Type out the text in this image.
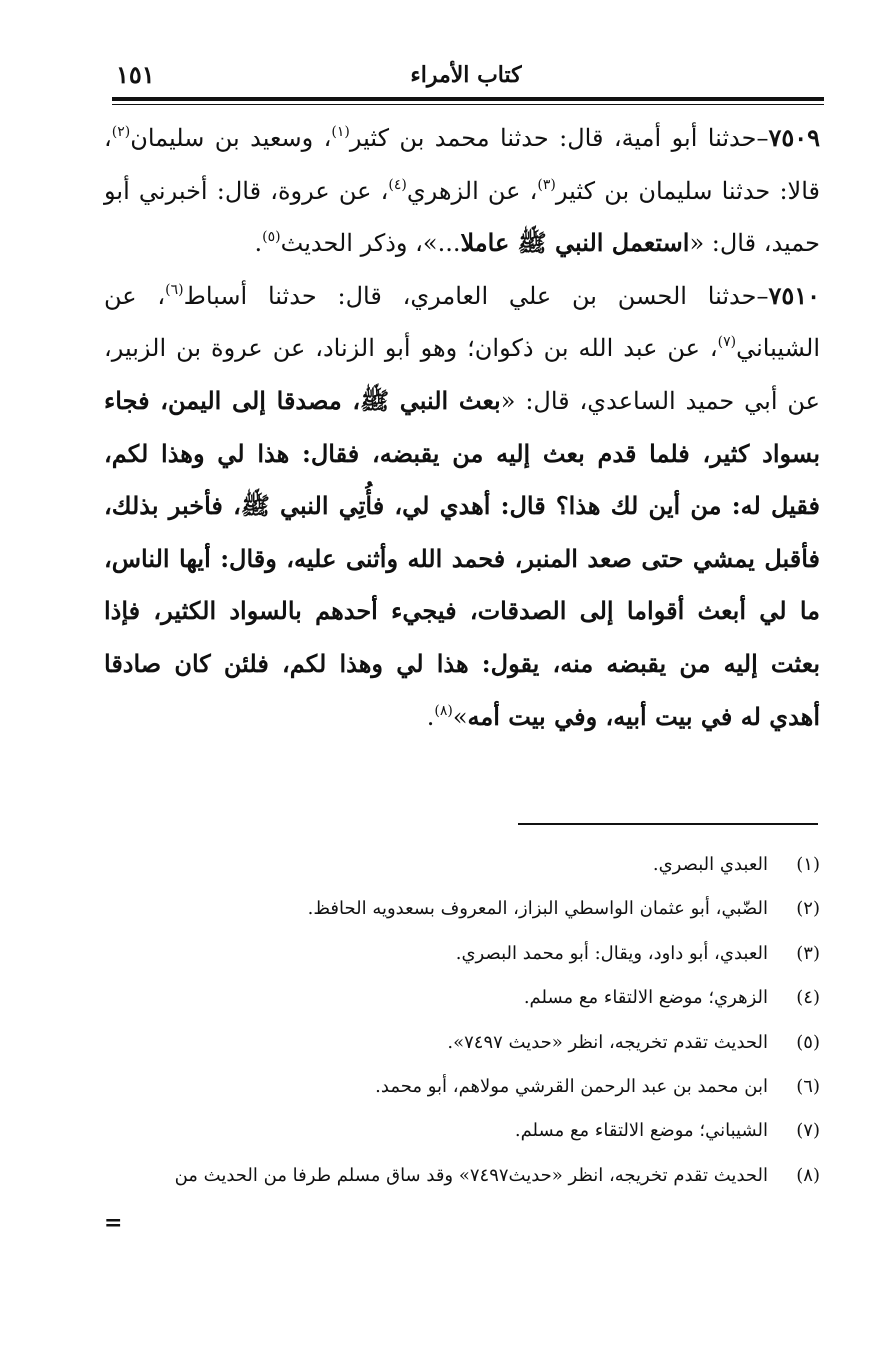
كتاب الأمراء
١٥١

٧٥٠٩–حدثنا أبو أمية، قال: حدثنا محمد بن كثير$^{(١)}$، وسعيد بن سليمان$^{(٢)}$، قالا: حدثنا سليمان بن كثير$^{(٣)}$، عن الزهري$^{(٤)}$، عن عروة، قال: أخبرني أبو حميد، قال: «استعمل النبي ﷺ عاملا...»، وذكر الحديث$^{(٥)}$.

٧٥١٠–حدثنا الحسن بن علي العامري، قال: حدثنا أسباط$^{(٦)}$، عن الشيباني$^{(٧)}$، عن عبد الله بن ذكوان؛ وهو أبو الزناد، عن عروة بن الزبير، عن أبي حميد الساعدي، قال: «بعث النبي ﷺ، مصدقا إلى اليمن، فجاء بسواد كثير، فلما قدم بعث إليه من يقبضه، فقال: هذا لي وهذا لكم، فقيل له: من أين لك هذا؟ قال: أهدي لي، فأُتِي النبي ﷺ، فأخبر بذلك، فأقبل يمشي حتى صعد المنبر، فحمد الله وأثنى عليه، وقال: أيها الناس، ما لي أبعث أقواما إلى الصدقات، فيجيء أحدهم بالسواد الكثير، فإذا بعثت إليه من يقبضه منه، يقول: هذا لي وهذا لكم، فلئن كان صادقا أهدي له في بيت أبيه، وفي بيت أمه»$^{(٨)}$.

(١)العبدي البصري.
(٢)الضّبي، أبو عثمان الواسطي البزاز، المعروف بسعدويه الحافظ.
(٣)العبدي، أبو داود، ويقال: أبو محمد البصري.
(٤)الزهري؛ موضع الالتقاء مع مسلم.
(٥)الحديث تقدم تخريجه، انظر «حديث ٧٤٩٧».
(٦)ابن محمد بن عبد الرحمن القرشي مولاهم، أبو محمد.
(٧)الشيباني؛ موضع الالتقاء مع مسلم.
(٨)الحديث تقدم تخريجه، انظر «حديث٧٤٩٧» وقد ساق مسلم طرفا من الحديث من
=
